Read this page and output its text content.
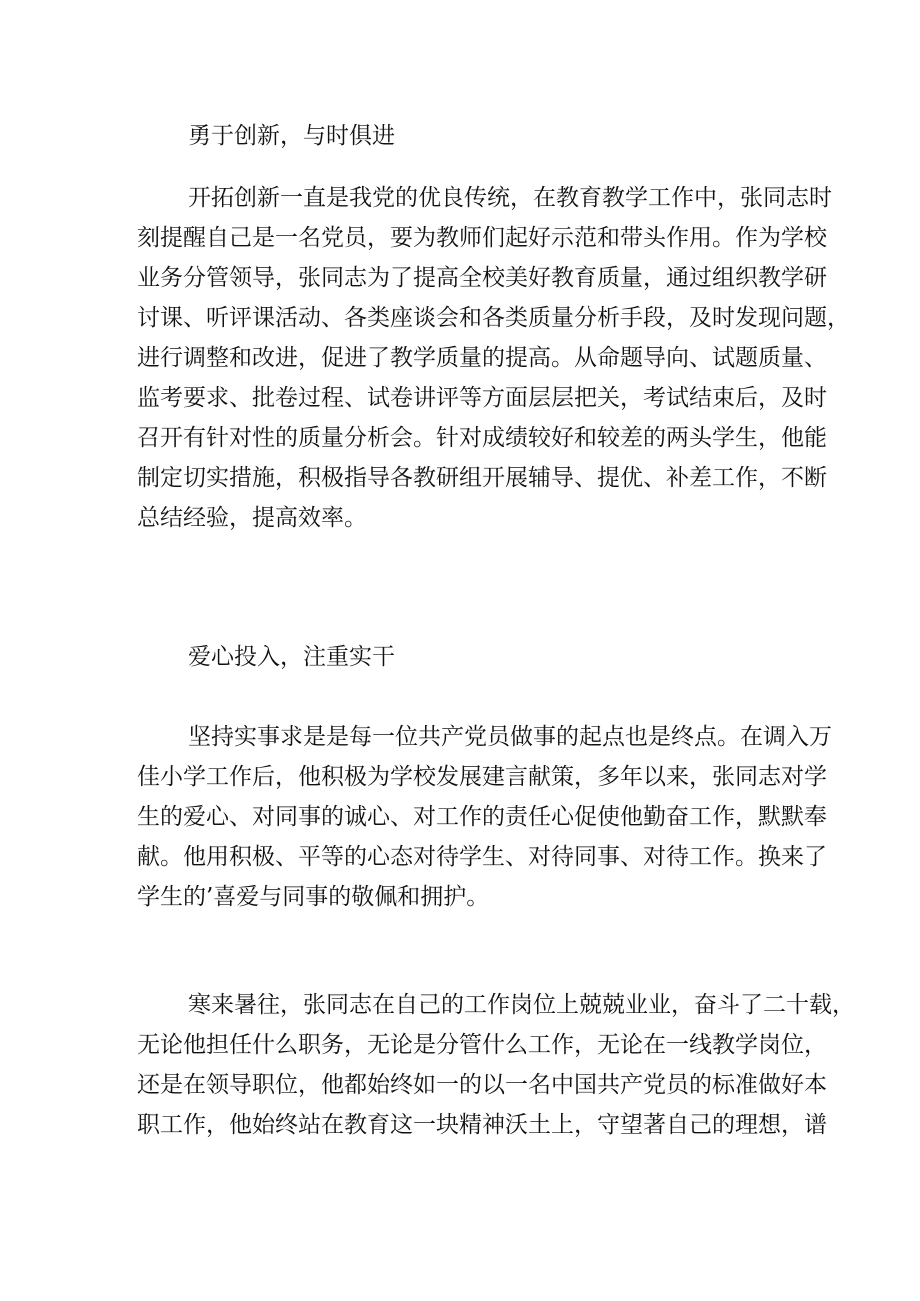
勇于创新，与时俱进
开拓创新一直是我党的优良传统，在教育教学工作中，张同志时
刻提醒自己是一名党员，要为教师们起好示范和带头作用。作为学校
业务分管领导，张同志为了提高全校美好教育质量，通过组织教学研
讨课、听评课活动、各类座谈会和各类质量分析手段，及时发现问题，
进行调整和改进，促进了教学质量的提高。从命题导向、试题质量、
监考要求、批卷过程、试卷讲评等方面层层把关，考试结束后，及时
召开有针对性的质量分析会。针对成绩较好和较差的两头学生，他能
制定切实措施，积极指导各教研组开展辅导、提优、补差工作，不断
总结经验，提高效率。
爱心投入，注重实干
坚持实事求是是每一位共产党员做事的起点也是终点。在调入万
佳小学工作后，他积极为学校发展建言献策，多年以来，张同志对学
生的爱心、对同事的诚心、对工作的责任心促使他勤奋工作，默默奉
献。他用积极、平等的心态对待学生、对待同事、对待工作。换来了
学生的’喜爱与同事的敬佩和拥护。
寒来暑往，张同志在自己的工作岗位上兢兢业业，奋斗了二十载，
无论他担任什么职务，无论是分管什么工作，无论在一线教学岗位，
还是在领导职位，他都始终如一的以一名中国共产党员的标准做好本
职工作，他始终站在教育这一块精神沃土上，守望著自己的理想，谱
